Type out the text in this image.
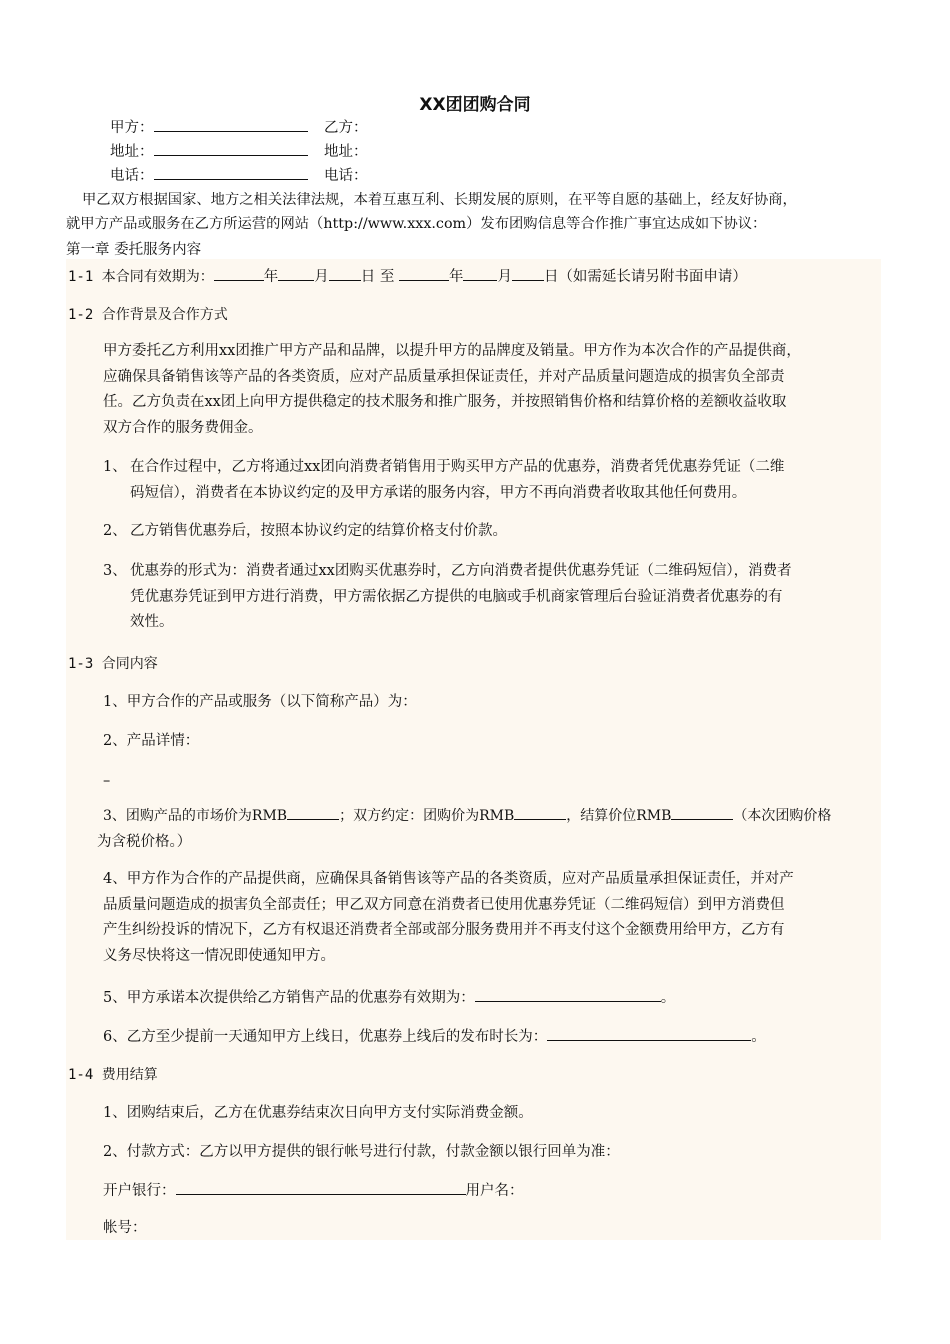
XX团团购合同
甲方：	乙方：
地址：	地址：
电话：	电话：
甲乙双方根据国家、地方之相关法律法规，本着互惠互利、长期发展的原则，在平等自愿的基础上，经友好协商，
就甲方产品或服务在乙方所运营的网站（http://www.xxx.com）发布团购信息等合作推广事宜达成如下协议：
第一章 委托服务内容
1-1 本合同有效期为：	年 月 日 至	年 月 日（如需延长请另附书面申请）
1-2 合作背景及合作方式
甲方委托乙方利用xx团推广甲方产品和品牌，以提升甲方的品牌度及销量。甲方作为本次合作的产品提供商，
应确保具备销售该等产品的各类资质，应对产品质量承担保证责任，并对产品质量问题造成的损害负全部责
任。乙方负责在xx团上向甲方提供稳定的技术服务和推广服务，并按照销售价格和结算价格的差额收益收取
双方合作的服务费佣金。
1、 在合作过程中，乙方将通过xx团向消费者销售用于购买甲方产品的优惠券，消费者凭优惠券凭证（二维
码短信），消费者在本协议约定的及甲方承诺的服务内容，甲方不再向消费者收取其他任何费用。
2、 乙方销售优惠券后，按照本协议约定的结算价格支付价款。
3、 优惠券的形式为：消费者通过xx团购买优惠券时，乙方向消费者提供优惠券凭证（二维码短信），消费者
凭优惠券凭证到甲方进行消费，甲方需依据乙方提供的电脑或手机商家管理后台验证消费者优惠券的有
效性。
1-3 合同内容
1、甲方合作的产品或服务（以下简称产品）为：
2、产品详情：
–
3、团购产品的市场价为RMB	；双方约定：团购价为RMB	，结算价位RMB	（本次团购价格
为含税价格。）
4、甲方作为合作的产品提供商，应确保具备销售该等产品的各类资质，应对产品质量承担保证责任，并对产
品质量问题造成的损害负全部责任；甲乙双方同意在消费者已使用优惠券凭证（二维码短信）到甲方消费但
产生纠纷投诉的情况下，乙方有权退还消费者全部或部分服务费用并不再支付这个金额费用给甲方，乙方有
义务尽快将这一情况即使通知甲方。
5、甲方承诺本次提供给乙方销售产品的优惠券有效期为：	。
6、乙方至少提前一天通知甲方上线日，优惠券上线后的发布时长为：	。
1-4 费用结算
1、团购结束后，乙方在优惠券结束次日向甲方支付实际消费金额。
2、付款方式：乙方以甲方提供的银行帐号进行付款，付款金额以银行回单为准：
开户银行：	用户名：
帐号：
